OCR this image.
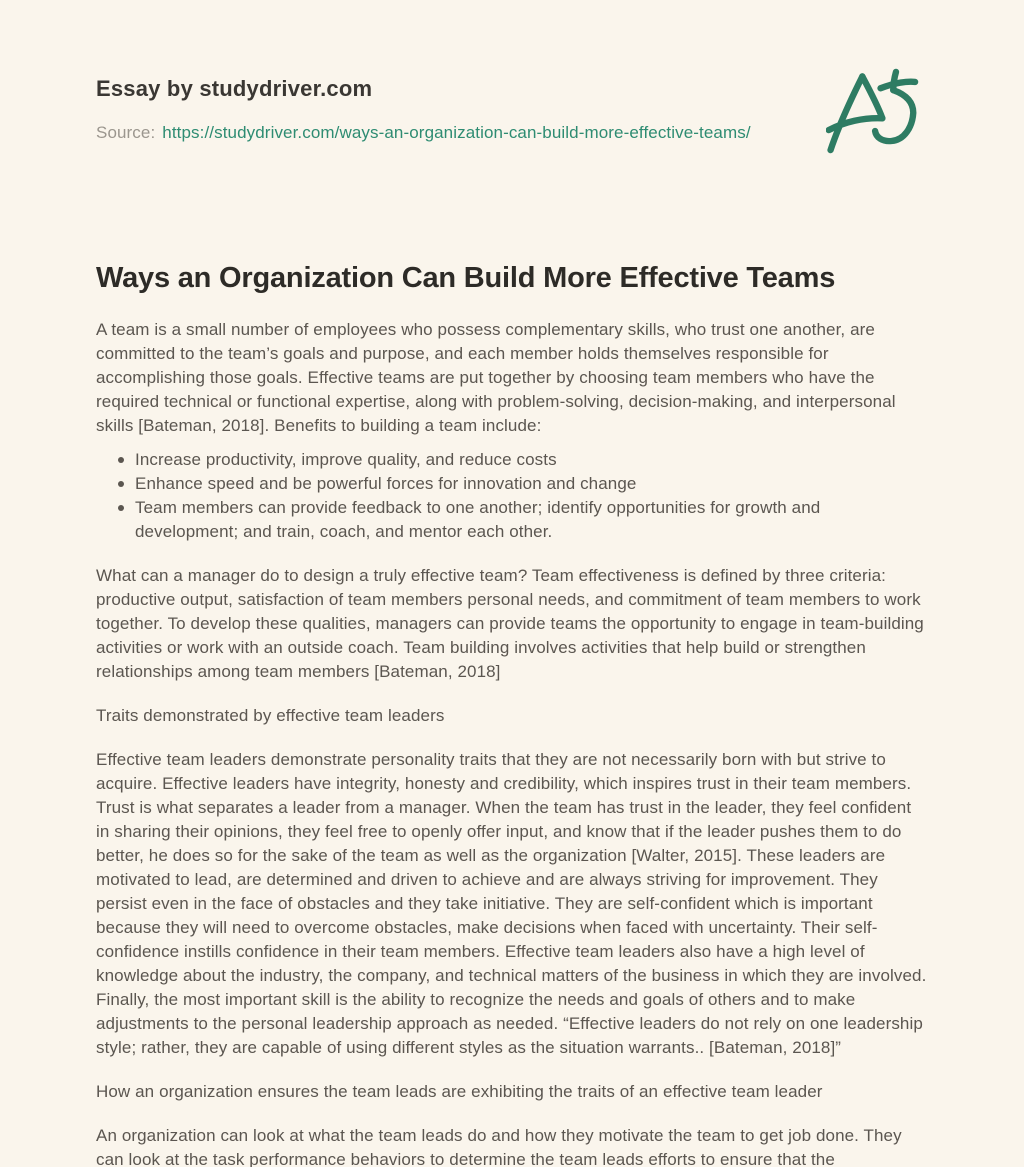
Essay by studydriver.com
Source: https://studydriver.com/ways-an-organization-can-build-more-effective-teams/
Ways an Organization Can Build More Effective Teams

A team is a small number of employees who possess complementary skills, who trust one another, are committed to the team’s goals and purpose, and each member holds themselves responsible for accomplishing those goals. Effective teams are put together by choosing team members who have the required technical or functional expertise, along with problem-solving, decision-making, and interpersonal skills [Bateman, 2018]. Benefits to building a team include:

Increase productivity, improve quality, and reduce costs
Enhance speed and be powerful forces for innovation and change
Team members can provide feedback to one another; identify opportunities for growth and development; and train, coach, and mentor each other.

What can a manager do to design a truly effective team? Team effectiveness is defined by three criteria: productive output, satisfaction of team members personal needs, and commitment of team members to work together. To develop these qualities, managers can provide teams the opportunity to engage in team-building activities or work with an outside coach. Team building involves activities that help build or strengthen relationships among team members [Bateman, 2018]

Traits demonstrated by effective team leaders

Effective team leaders demonstrate personality traits that they are not necessarily born with but strive to acquire. Effective leaders have integrity, honesty and credibility, which inspires trust in their team members. Trust is what separates a leader from a manager. When the team has trust in the leader, they feel confident in sharing their opinions, they feel free to openly offer input, and know that if the leader pushes them to do better, he does so for the sake of the team as well as the organization [Walter, 2015]. These leaders are motivated to lead, are determined and driven to achieve and are always striving for improvement. They persist even in the face of obstacles and they take initiative. They are self-confident which is important because they will need to overcome obstacles, make decisions when faced with uncertainty. Their self-confidence instills confidence in their team members. Effective team leaders also have a high level of knowledge about the industry, the company, and technical matters of the business in which they are involved. Finally, the most important skill is the ability to recognize the needs and goals of others and to make adjustments to the personal leadership approach as needed. “Effective leaders do not rely on one leadership style; rather, they are capable of using different styles as the situation warrants.. [Bateman, 2018]”

How an organization ensures the team leads are exhibiting the traits of an effective team leader

An organization can look at what the team leads do and how they motivate the team to get job done. They can look at the task performance behaviors to determine the team leads efforts to ensure that the
